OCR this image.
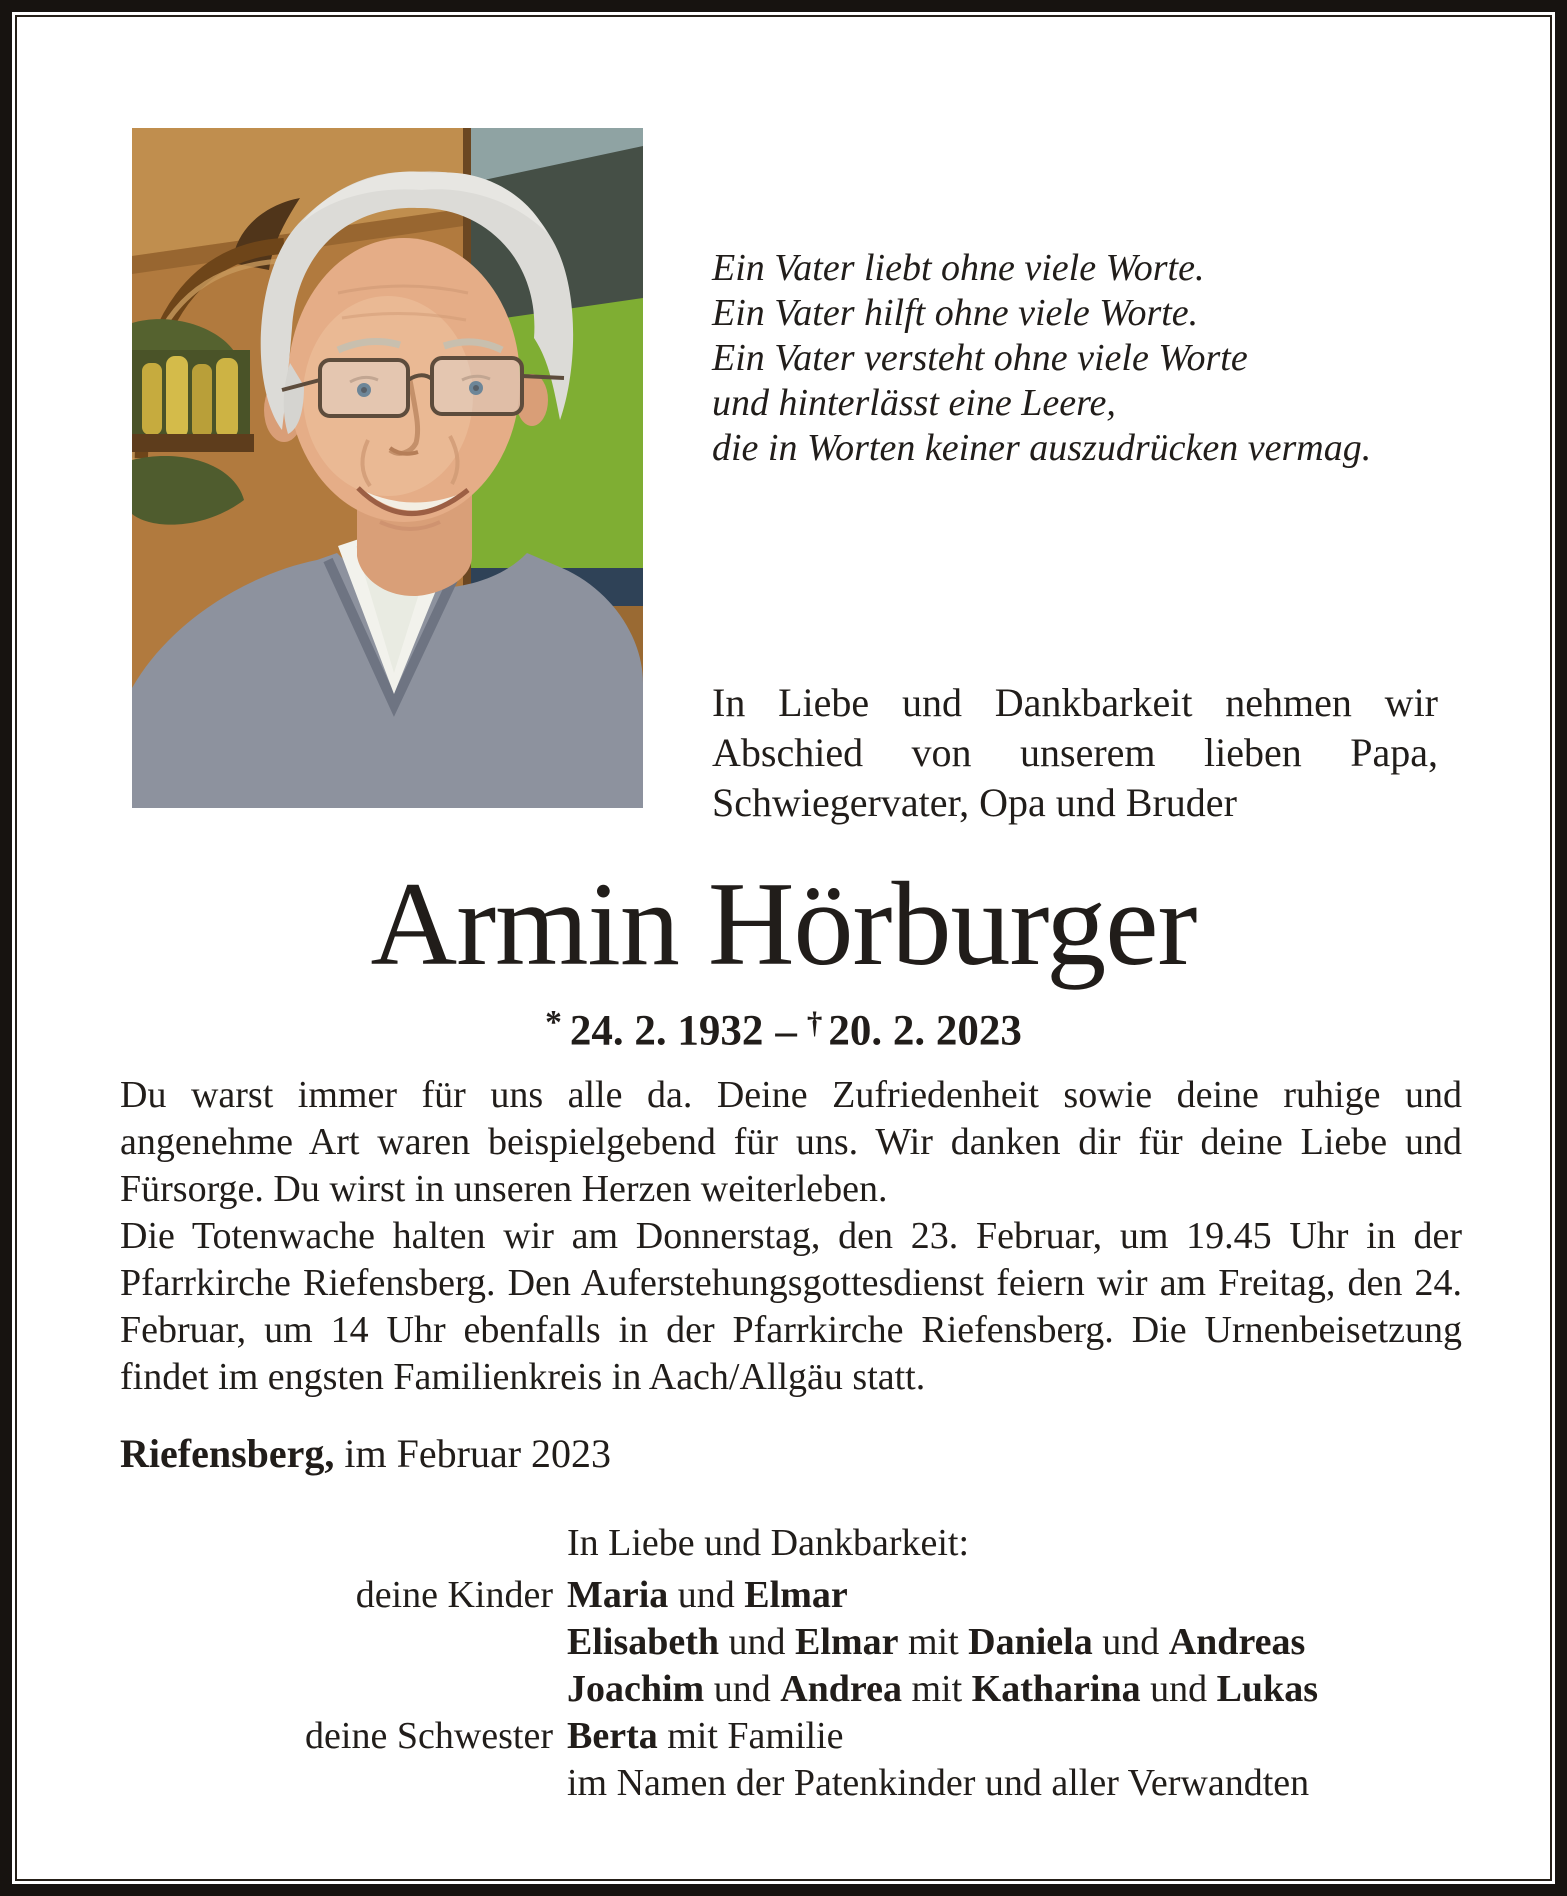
Ein Vater liebt ohne viele Worte.
Ein Vater hilft ohne viele Worte.
Ein Vater versteht ohne viele Worte
und hinterlässt eine Leere,
die in Worten keiner auszudrücken vermag.
In Liebe und Dankbarkeit nehmen wir Abschied von unserem lieben Papa, Schwiegervater, Opa und Bruder
Armin Hörburger
* 24. 2. 1932 – † 20. 2. 2023

Du warst immer für uns alle da. Deine Zufriedenheit sowie deine ruhige und angenehme Art waren beispielgebend für uns. Wir danken dir für deine Liebe und Fürsorge. Du wirst in unseren Herzen weiterleben.

Die Totenwache halten wir am Donnerstag, den 23. Februar, um 19.45 Uhr in der Pfarrkirche Riefensberg. Den Auferstehungsgottesdienst feiern wir am Freitag, den 24. Februar, um 14 Uhr ebenfalls in der Pfarrkirche Riefensberg. Die Urnenbeisetzung findet im engsten Familienkreis in Aach/Allgäu statt.

Riefensberg, im Februar 2023
In Liebe und Dankbarkeit:
deine Kinder Maria und Elmar
Elisabeth und Elmar mit Daniela und Andreas
Joachim und Andrea mit Katharina und Lukas
deine Schwester Berta mit Familie
im Namen der Patenkinder und aller Verwandten
